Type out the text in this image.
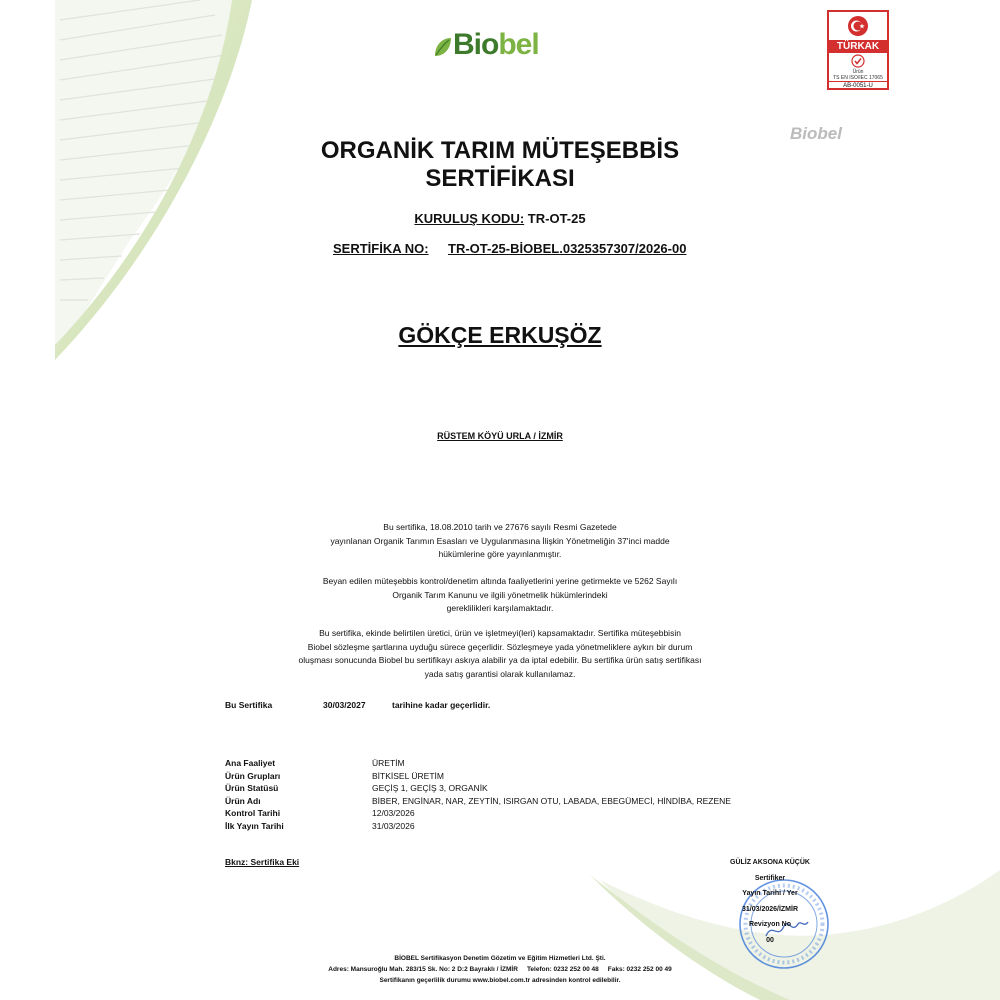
Biobel	TÜRKAK
Ürün
TS EN ISO/IEC 17065
AB-0051-U
Biobel
ORGANİK TARIM MÜTEŞEBBİS
SERTİFİKASI
KURULUŞ KODU: TR-OT-25
SERTİFİKA NO: TR-OT-25-BİOBEL.0325357307/2026-00
GÖKÇE ERKUŞÖZ
RÜSTEM KÖYÜ URLA / İZMİR
Bu sertifika, 18.08.2010 tarih ve 27676 sayılı Resmi Gazetede
yayınlanan Organik Tarımın Esasları ve Uygulanmasına İlişkin Yönetmeliğin 37'inci madde
hükümlerine göre yayınlanmıştır.
Beyan edilen müteşebbis kontrol/denetim altında faaliyetlerini yerine getirmekte ve 5262 Sayılı
Organik Tarım Kanunu ve ilgili yönetmelik hükümlerindeki
gereklilikleri karşılamaktadır.
Bu sertifika, ekinde belirtilen üretici, ürün ve işletmeyi(leri) kapsamaktadır. Sertifika müteşebbisin
Biobel sözleşme şartlarına uyduğu sürece geçerlidir. Sözleşmeye yada yönetmeliklere aykırı bir durum
oluşması sonucunda Biobel bu sertifikayı askıya alabilir ya da iptal edebilir. Bu sertifika ürün satış sertifikası
yada satış garantisi olarak kullanılamaz.
Bu Sertifika	30/03/2027	tarihine kadar geçerlidir.
Ana Faaliyet	ÜRETİM
Ürün Grupları	BİTKİSEL ÜRETİM
Ürün Statüsü	GEÇİŞ 1, GEÇİŞ 3, ORGANİK
Ürün Adı	BİBER, ENGİNAR, NAR, ZEYTİN, ISIRGAN OTU, LABADA, EBEGÜMECİ, HİNDİBA, REZENE
Kontrol Tarihi	12/03/2026
İlk Yayın Tarihi	31/03/2026
Bknz: Sertifika Eki	GÜLİZ AKSONA KÜÇÜK
Sertifiker
Yayın Tarihi / Yer
31/03/2026/İZMİR
Revizyon No
00
BİOBEL Sertifikasyon Denetim Gözetim ve Eğitim Hizmetleri Ltd. Şti.
Adres: Mansuroğlu Mah. 283/15 Sk. No: 2 D:2 Bayraklı / İZMİR Telefon: 0232 252 00 48 Faks: 0232 252 00 49
Sertifikanın geçerlilik durumu www.biobel.com.tr adresinden kontrol edilebilir.
